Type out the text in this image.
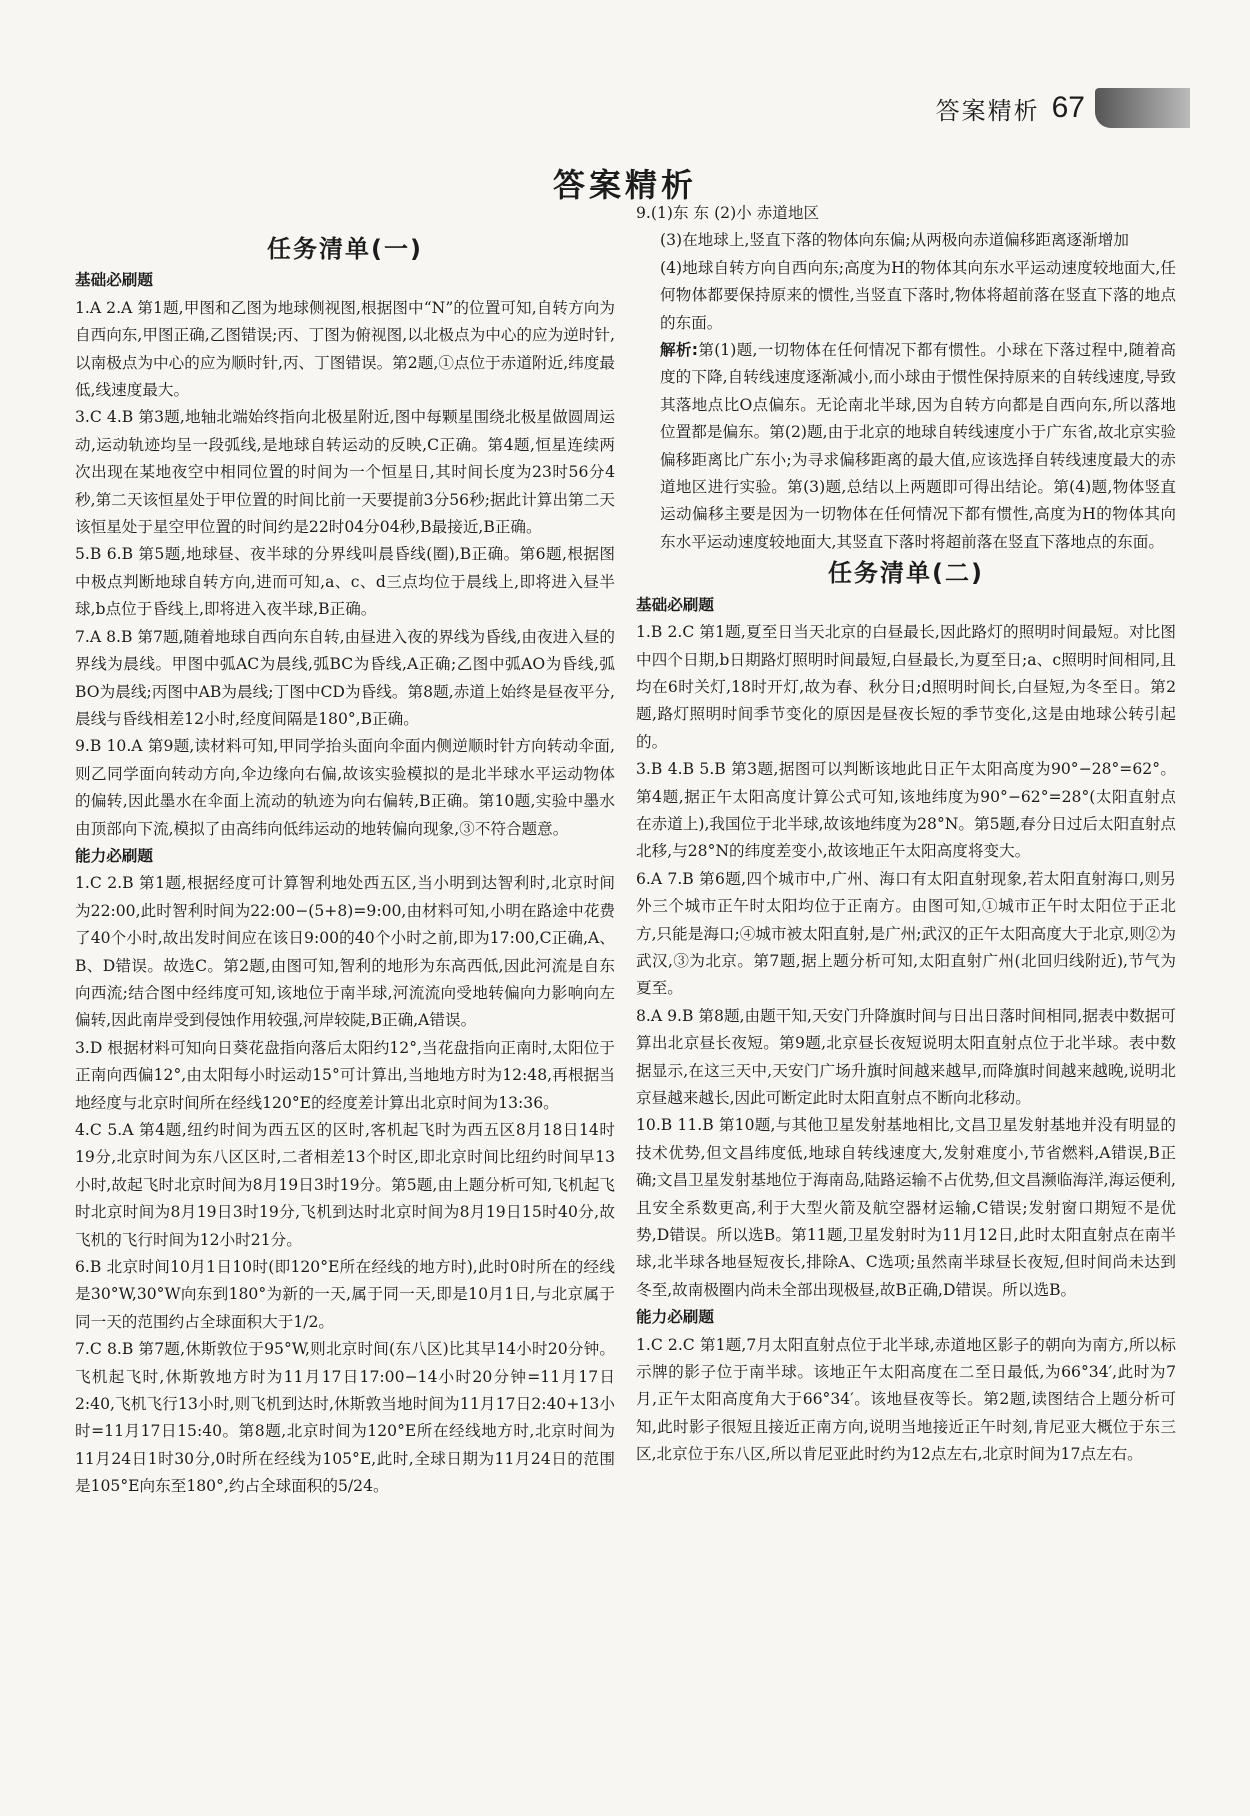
答案精析 67
答案精析
任务清单(一)
基础必刷题

1.A 2.A 第1题,甲图和乙图为地球侧视图,根据图中“N”的位置可知,自转方向为自西向东,甲图正确,乙图错误;丙、丁图为俯视图,以北极点为中心的应为逆时针,以南极点为中心的应为顺时针,丙、丁图错误。第2题,①点位于赤道附近,纬度最低,线速度最大。

3.C 4.B 第3题,地轴北端始终指向北极星附近,图中每颗星围绕北极星做圆周运动,运动轨迹均呈一段弧线,是地球自转运动的反映,C正确。第4题,恒星连续两次出现在某地夜空中相同位置的时间为一个恒星日,其时间长度为23时56分4秒,第二天该恒星处于甲位置的时间比前一天要提前3分56秒;据此计算出第二天该恒星处于星空甲位置的时间约是22时04分04秒,B最接近,B正确。

5.B 6.B 第5题,地球昼、夜半球的分界线叫晨昏线(圈),B正确。第6题,根据图中极点判断地球自转方向,进而可知,a、c、d三点均位于晨线上,即将进入昼半球,b点位于昏线上,即将进入夜半球,B正确。

7.A 8.B 第7题,随着地球自西向东自转,由昼进入夜的界线为昏线,由夜进入昼的界线为晨线。甲图中弧AC为晨线,弧BC为昏线,A正确;乙图中弧AO为昏线,弧BO为晨线;丙图中AB为晨线;丁图中CD为昏线。第8题,赤道上始终是昼夜平分,晨线与昏线相差12小时,经度间隔是180°,B正确。

9.B 10.A 第9题,读材料可知,甲同学抬头面向伞面内侧逆顺时针方向转动伞面,则乙同学面向转动方向,伞边缘向右偏,故该实验模拟的是北半球水平运动物体的偏转,因此墨水在伞面上流动的轨迹为向右偏转,B正确。第10题,实验中墨水由顶部向下流,模拟了由高纬向低纬运动的地转偏向现象,③不符合题意。

能力必刷题

1.C 2.B 第1题,根据经度可计算智利地处西五区,当小明到达智利时,北京时间为22:00,此时智利时间为22:00−(5+8)=9:00,由材料可知,小明在路途中花费了40个小时,故出发时间应在该日9:00的40个小时之前,即为17:00,C正确,A、B、D错误。故选C。第2题,由图可知,智利的地形为东高西低,因此河流是自东向西流;结合图中经纬度可知,该地位于南半球,河流流向受地转偏向力影响向左偏转,因此南岸受到侵蚀作用较强,河岸较陡,B正确,A错误。

3.D 根据材料可知向日葵花盘指向落后太阳约12°,当花盘指向正南时,太阳位于正南向西偏12°,由太阳每小时运动15°可计算出,当地地方时为12:48,再根据当地经度与北京时间所在经线120°E的经度差计算出北京时间为13:36。

4.C 5.A 第4题,纽约时间为西五区的区时,客机起飞时为西五区8月18日14时19分,北京时间为东八区区时,二者相差13个时区,即北京时间比纽约时间早13小时,故起飞时北京时间为8月19日3时19分。第5题,由上题分析可知,飞机起飞时北京时间为8月19日3时19分,飞机到达时北京时间为8月19日15时40分,故飞机的飞行时间为12小时21分。

6.B 北京时间10月1日10时(即120°E所在经线的地方时),此时0时所在的经线是30°W,30°W向东到180°为新的一天,属于同一天,即是10月1日,与北京属于同一天的范围约占全球面积大于1/2。

7.C 8.B 第7题,休斯敦位于95°W,则北京时间(东八区)比其早14小时20分钟。飞机起飞时,休斯敦地方时为11月17日17:00−14小时20分钟=11月17日2:40,飞机飞行13小时,则飞机到达时,休斯敦当地时间为11月17日2:40+13小时=11月17日15:40。第8题,北京时间为120°E所在经线地方时,北京时间为11月24日1时30分,0时所在经线为105°E,此时,全球日期为11月24日的范围是105°E向东至180°,约占全球面积的5/24。

9.(1)东 东 (2)小 赤道地区

(3)在地球上,竖直下落的物体向东偏;从两极向赤道偏移距离逐渐增加

(4)地球自转方向自西向东;高度为H的物体其向东水平运动速度较地面大,任何物体都要保持原来的惯性,当竖直下落时,物体将超前落在竖直下落的地点的东面。

解析:第(1)题,一切物体在任何情况下都有惯性。小球在下落过程中,随着高度的下降,自转线速度逐渐减小,而小球由于惯性保持原来的自转线速度,导致其落地点比O点偏东。无论南北半球,因为自转方向都是自西向东,所以落地位置都是偏东。第(2)题,由于北京的地球自转线速度小于广东省,故北京实验偏移距离比广东小;为寻求偏移距离的最大值,应该选择自转线速度最大的赤道地区进行实验。第(3)题,总结以上两题即可得出结论。第(4)题,物体竖直运动偏移主要是因为一切物体在任何情况下都有惯性,高度为H的物体其向东水平运动速度较地面大,其竖直下落时将超前落在竖直下落地点的东面。

任务清单(二)
基础必刷题

1.B 2.C 第1题,夏至日当天北京的白昼最长,因此路灯的照明时间最短。对比图中四个日期,b日期路灯照明时间最短,白昼最长,为夏至日;a、c照明时间相同,且均在6时关灯,18时开灯,故为春、秋分日;d照明时间长,白昼短,为冬至日。第2题,路灯照明时间季节变化的原因是昼夜长短的季节变化,这是由地球公转引起的。

3.B 4.B 5.B 第3题,据图可以判断该地此日正午太阳高度为90°−28°=62°。第4题,据正午太阳高度计算公式可知,该地纬度为90°−62°=28°(太阳直射点在赤道上),我国位于北半球,故该地纬度为28°N。第5题,春分日过后太阳直射点北移,与28°N的纬度差变小,故该地正午太阳高度将变大。

6.A 7.B 第6题,四个城市中,广州、海口有太阳直射现象,若太阳直射海口,则另外三个城市正午时太阳均位于正南方。由图可知,①城市正午时太阳位于正北方,只能是海口;④城市被太阳直射,是广州;武汉的正午太阳高度大于北京,则②为武汉,③为北京。第7题,据上题分析可知,太阳直射广州(北回归线附近),节气为夏至。

8.A 9.B 第8题,由题干知,天安门升降旗时间与日出日落时间相同,据表中数据可算出北京昼长夜短。第9题,北京昼长夜短说明太阳直射点位于北半球。表中数据显示,在这三天中,天安门广场升旗时间越来越早,而降旗时间越来越晚,说明北京昼越来越长,因此可断定此时太阳直射点不断向北移动。

10.B 11.B 第10题,与其他卫星发射基地相比,文昌卫星发射基地并没有明显的技术优势,但文昌纬度低,地球自转线速度大,发射难度小,节省燃料,A错误,B正确;文昌卫星发射基地位于海南岛,陆路运输不占优势,但文昌濒临海洋,海运便利,且安全系数更高,利于大型火箭及航空器材运输,C错误;发射窗口期短不是优势,D错误。所以选B。第11题,卫星发射时为11月12日,此时太阳直射点在南半球,北半球各地昼短夜长,排除A、C选项;虽然南半球昼长夜短,但时间尚未达到冬至,故南极圈内尚未全部出现极昼,故B正确,D错误。所以选B。

能力必刷题

1.C 2.C 第1题,7月太阳直射点位于北半球,赤道地区影子的朝向为南方,所以标示牌的影子位于南半球。该地正午太阳高度在二至日最低,为66°34′,此时为7月,正午太阳高度角大于66°34′。该地昼夜等长。第2题,读图结合上题分析可知,此时影子很短且接近正南方向,说明当地接近正午时刻,肯尼亚大概位于东三区,北京位于东八区,所以肯尼亚此时约为12点左右,北京时间为17点左右。
